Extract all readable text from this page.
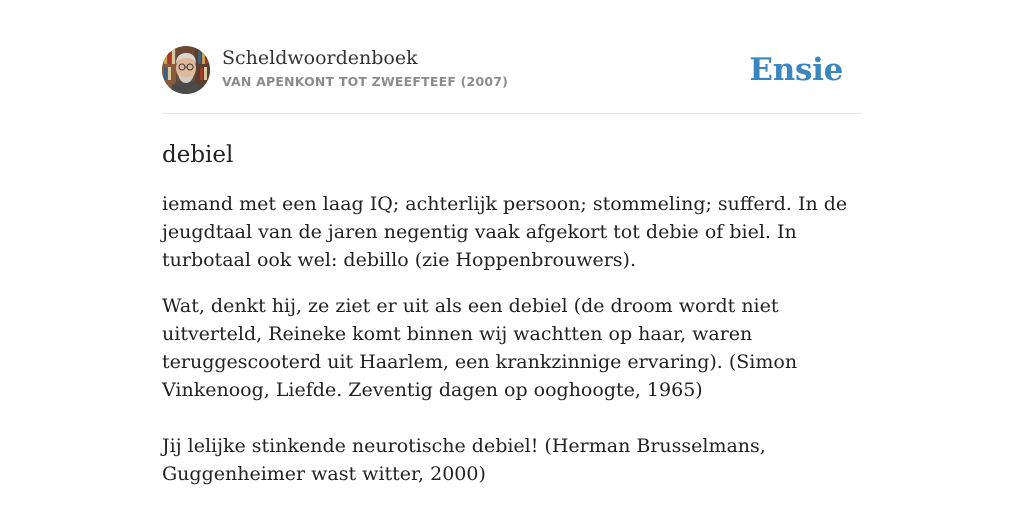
Scheldwoordenboek
VAN APENKONT TOT ZWEEFTEEF (2007)	Ensie
debiel

iemand met een laag IQ; achterlijk persoon; stommeling; sufferd. In de jeugdtaal van de jaren negentig vaak afgekort tot debie of biel. In turbotaal ook wel: debillo (zie Hoppenbrouwers).

Wat, denkt hij, ze ziet er uit als een debiel (de droom wordt niet uitverteld, Reineke komt binnen wij wachtten op haar, waren teruggescooterd uit Haarlem, een krankzinnige ervaring). (Simon Vinkenoog, Liefde. Zeventig dagen op ooghoogte, 1965)

Jij lelijke stinkende neurotische debiel! (Herman Brusselmans, Guggenheimer wast witter, 2000)
